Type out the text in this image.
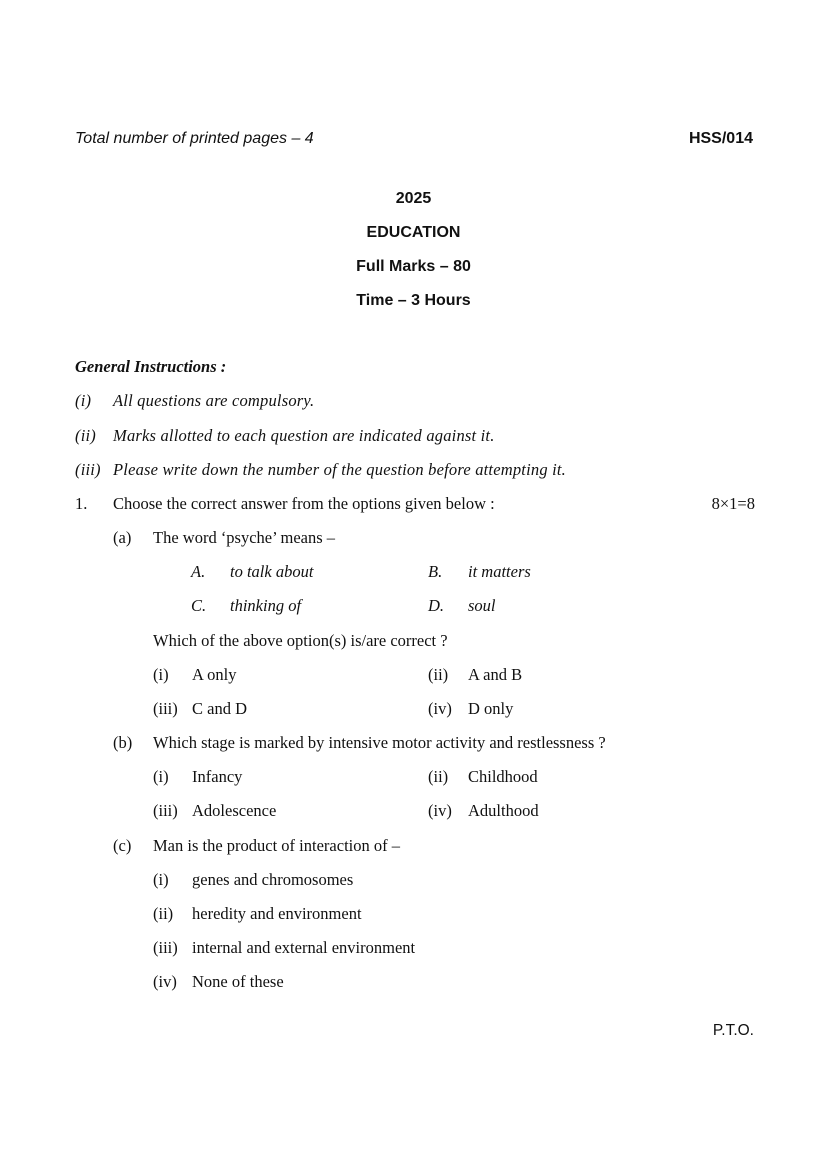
Total number of printed pages – 4	HSS/014
2025
EDUCATION
Full Marks – 80
Time – 3 Hours
General Instructions :
(i) All questions are compulsory.
(ii) Marks allotted to each question are indicated against it.
(iii) Please write down the number of the question before attempting it.
1. Choose the correct answer from the options given below :	8×1=8
(a) The word ‘psyche’ means –
A. to talk about	B. it matters
C. thinking of	D. soul
Which of the above option(s) is/are correct ?
(i) A only	(ii) A and B
(iii) C and D	(iv) D only
(b) Which stage is marked by intensive motor activity and restlessness ?
(i) Infancy	(ii) Childhood
(iii) Adolescence	(iv) Adulthood
(c) Man is the product of interaction of –
(i) genes and chromosomes
(ii) heredity and environment
(iii) internal and external environment
(iv) None of these
P.T.O.
